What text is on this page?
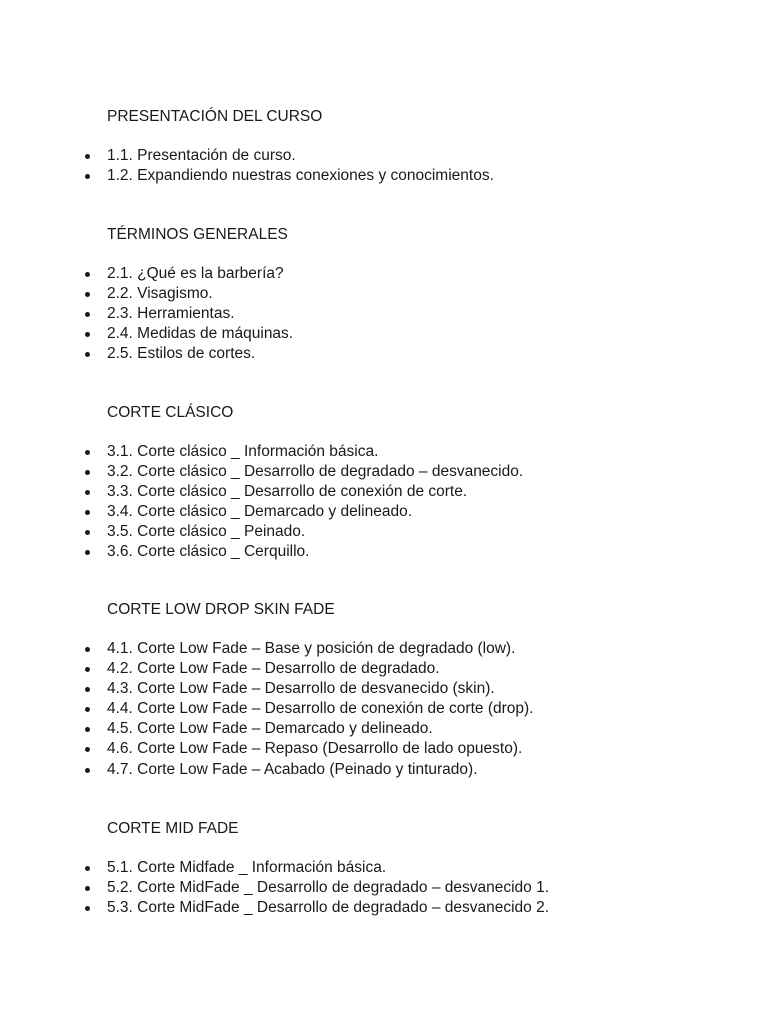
PRESENTACIÓN DEL CURSO
1.1. Presentación de curso.
1.2. Expandiendo nuestras conexiones y conocimientos.
TÉRMINOS GENERALES
2.1. ¿Qué es la barbería?
2.2. Visagismo.
2.3. Herramientas.
2.4. Medidas de máquinas.
2.5. Estilos de cortes.
CORTE CLÁSICO
3.1. Corte clásico _ Información básica.
3.2. Corte clásico _ Desarrollo de degradado – desvanecido.
3.3. Corte clásico _ Desarrollo de conexión de corte.
3.4. Corte clásico _ Demarcado y delineado.
3.5. Corte clásico _ Peinado.
3.6. Corte clásico _ Cerquillo.
CORTE LOW DROP SKIN FADE
4.1. Corte Low Fade – Base y posición de degradado (low).
4.2. Corte Low Fade – Desarrollo de degradado.
4.3. Corte Low Fade – Desarrollo de desvanecido (skin).
4.4. Corte Low Fade – Desarrollo de conexión de corte (drop).
4.5. Corte Low Fade – Demarcado y delineado.
4.6. Corte Low Fade – Repaso (Desarrollo de lado opuesto).
4.7. Corte Low Fade – Acabado (Peinado y tinturado).
CORTE MID FADE
5.1. Corte Midfade _ Información básica.
5.2. Corte MidFade _ Desarrollo de degradado – desvanecido 1.
5.3. Corte MidFade _ Desarrollo de degradado – desvanecido 2.
